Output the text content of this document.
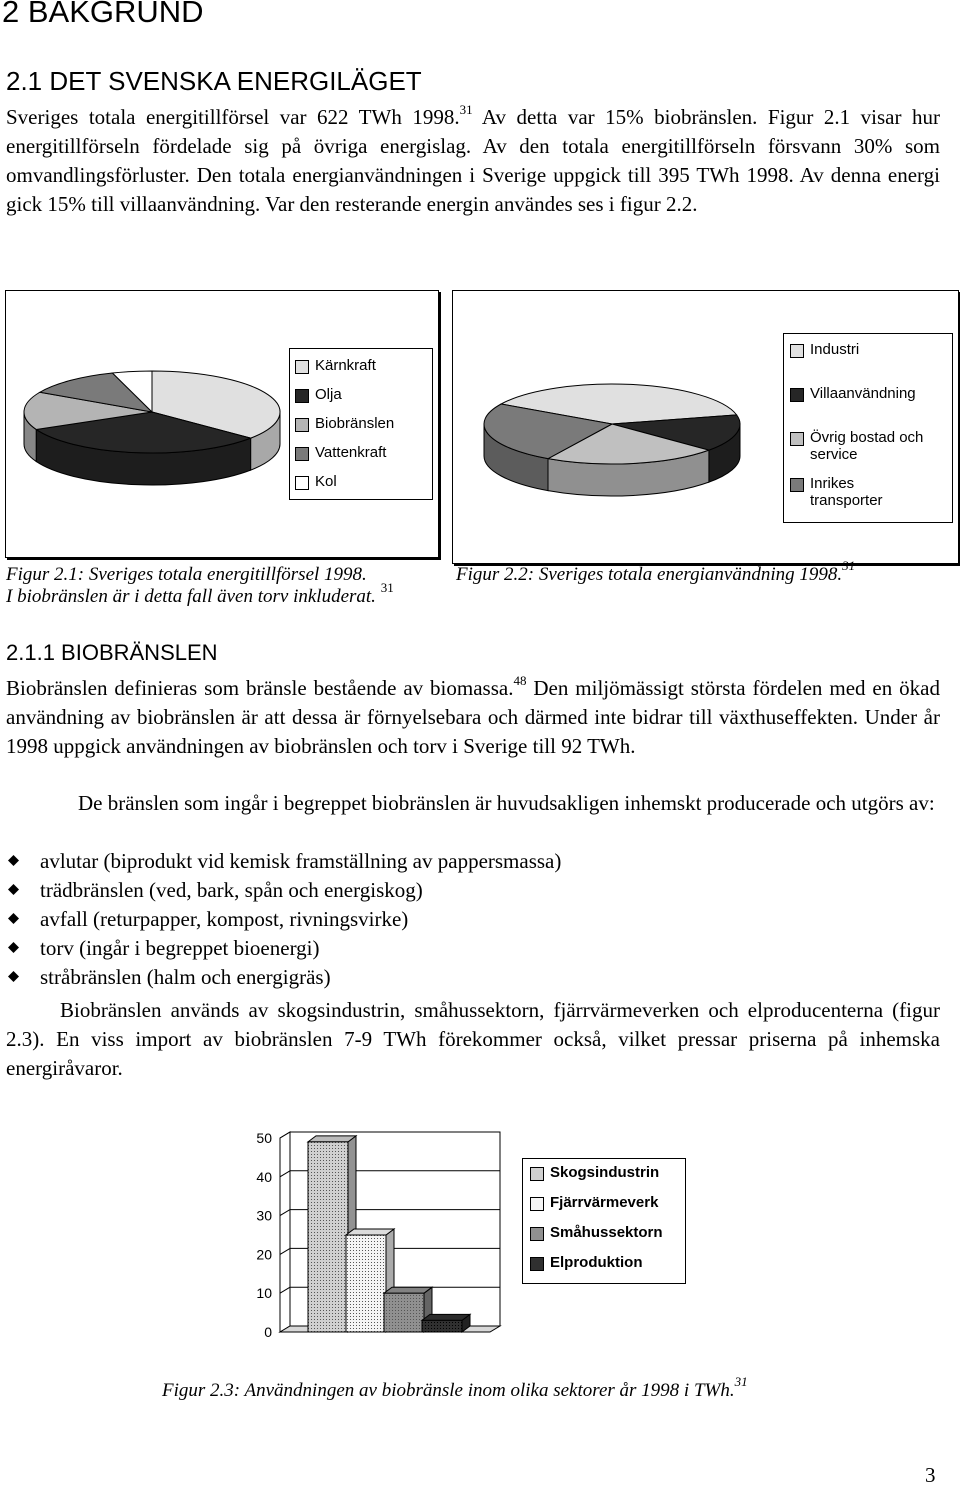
2 BAKGRUND
2.1 DET SVENSKA ENERGILÄGET
Sveriges totala energitillförsel var 622 TWh 1998.31 Av detta var 15% biobränslen. Figur 2.1 visar hur energitillförseln fördelade sig på övriga energislag. Av den totala energitillförseln försvann 30% som omvandlingsförluster. Den totala energianvändningen i Sverige uppgick till 395 TWh 1998. Av denna energi gick 15% till villaanvändning. Var den resterande energin användes ses i figur 2.2.
Kärnkraft
Olja
Biobränslen
Vattenkraft
Kol
Industri
Villaanvändning
Övrig bostad och service
Inrikes transporter
Figur 2.1: Sveriges totala energitillförsel 1998.
I biobränslen är i detta fall även torv inkluderat. $^{31}$
Figur 2.2: Sveriges totala energianvändning 1998.31
2.1.1 BIOBRÄNSLEN
Biobränslen definieras som bränsle bestående av biomassa.$^{48}$ Den miljömässigt största fördelen med en ökad användning av biobränslen är att dessa är förnyelsebara och därmed inte bidrar till växthuseffekten. Under år 1998 uppgick användningen av biobränslen och torv i Sverige till 92 TWh.
De bränslen som ingår i begreppet biobränslen är huvudsakligen inhemskt producerade och utgörs av:
avlutar (biprodukt vid kemisk framställning av pappersmassa)
trädbränslen (ved, bark, spån och energiskog)
avfall (returpapper, kompost, rivningsvirke)
torv (ingår i begreppet bioenergi)
stråbränslen (halm och energigräs)
Biobränslen används av skogsindustrin, småhussektorn, fjärrvärmeverken och elproducenterna (figur 2.3). En viss import av biobränslen 7-9 TWh förekommer också, vilket pressar priserna på inhemska energiråvaror.
50
40
30
20
10
0
Skogsindustrin
Fjärrvärmeverk
Småhussektorn
Elproduktion
Figur 2.3: Användningen av biobränsle inom olika sektorer år 1998 i TWh.$^{31}$
3
